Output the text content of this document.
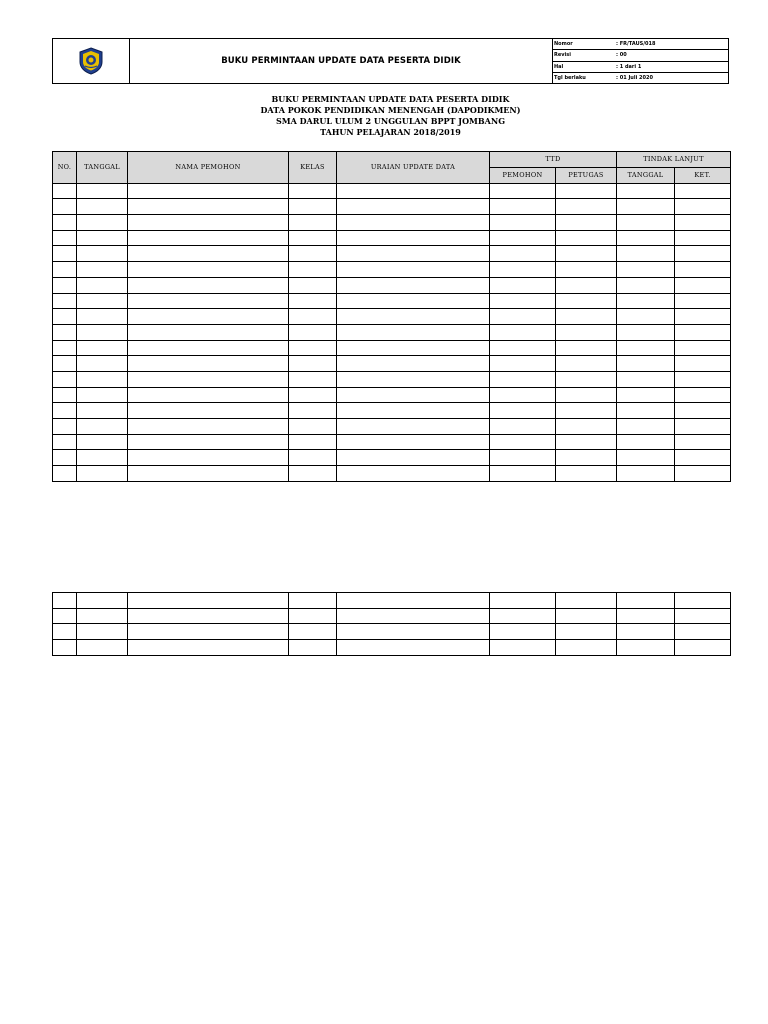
BUKU PERMINTAAN UPDATE DATA PESERTA DIDIK
Nomor	: FR/TAUS/018
Revisi	: 00
Hal	: 1 dari 1
Tgl berlaku	: 01 Juli 2020
BUKU PERMINTAAN UPDATE DATA PESERTA DIDIK
DATA POKOK PENDIDIKAN MENENGAH (DAPODIKMEN)
SMA DARUL ULUM 2 UNGGULAN BPPT JOMBANG
TAHUN PELAJARAN 2018/2019
NO.	TANGGAL	NAMA PEMOHON	KELAS	URAIAN UPDATE DATA	TTD		TINDAK LANJUT	
					PEMOHON	PETUGAS	TANGGAL	KET.
